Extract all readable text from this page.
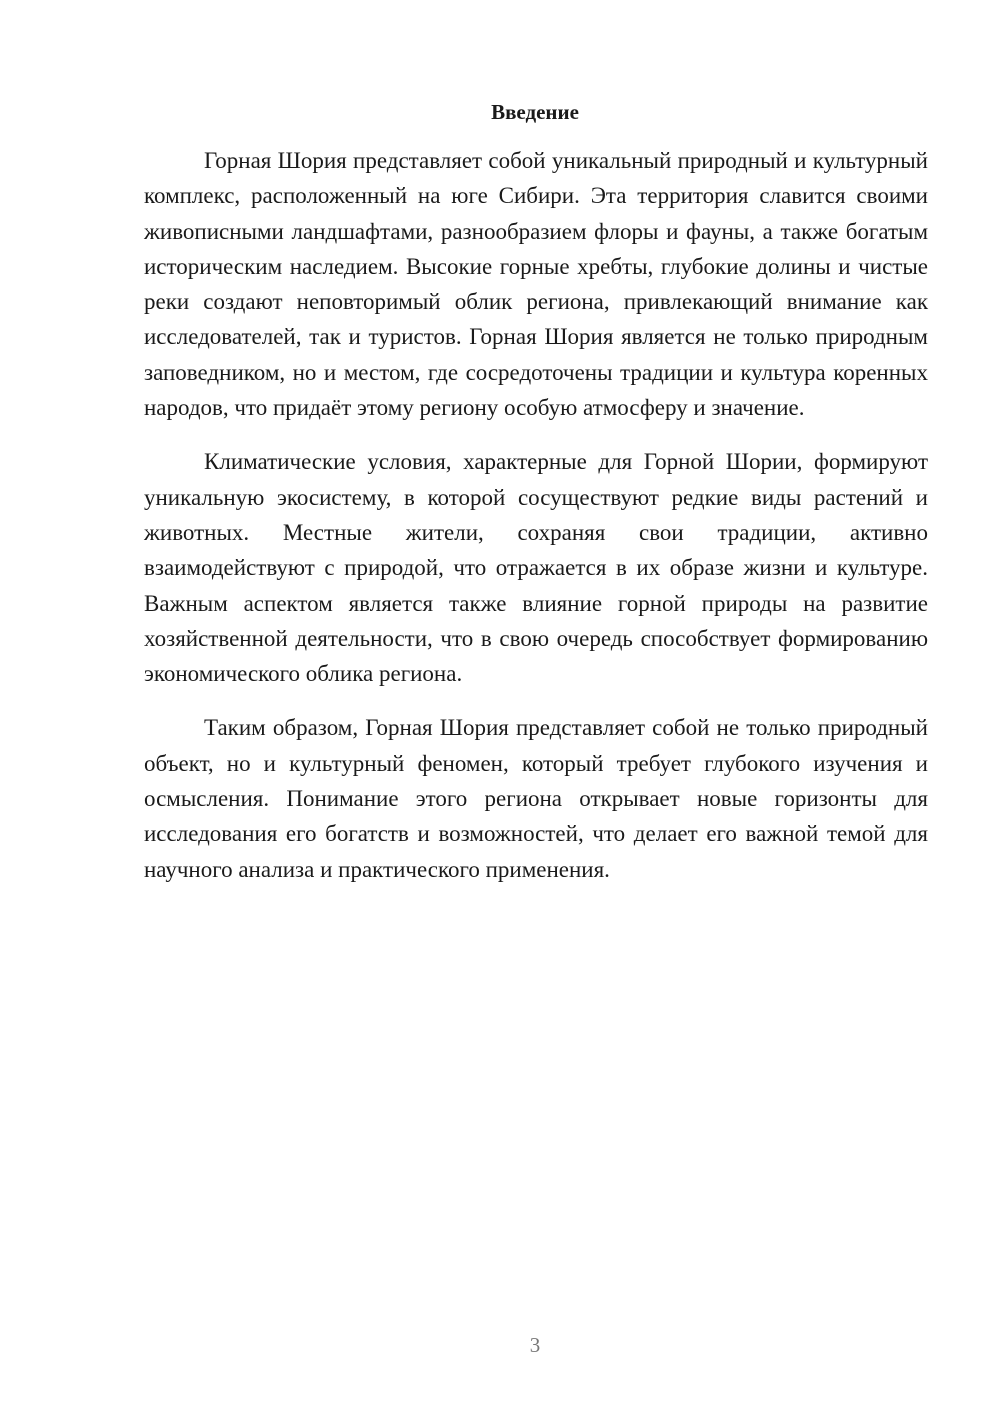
Введение

Горная Шория представляет собой уникальный природный и культурный комплекс, расположенный на юге Сибири. Эта территория славится своими живописными ландшафтами, разнообразием флоры и фауны, а также богатым историческим наследием. Высокие горные хребты, глубокие долины и чистые реки создают неповторимый облик региона, привлекающий внимание как исследователей, так и туристов. Горная Шория является не только природным заповедником, но и местом, где сосредоточены традиции и культура коренных народов, что придаёт этому региону особую атмосферу и значение.

Климатические условия, характерные для Горной Шории, формируют уникальную экосистему, в которой сосуществуют редкие виды растений и животных. Местные жители, сохраняя свои традиции, активно взаимодействуют с природой, что отражается в их образе жизни и культуре. Важным аспектом является также влияние горной природы на развитие хозяйственной деятельности, что в свою очередь способствует формированию экономического облика региона.

Таким образом, Горная Шория представляет собой не только природный объект, но и культурный феномен, который требует глубокого изучения и осмысления. Понимание этого региона открывает новые горизонты для исследования его богатств и возможностей, что делает его важной темой для научного анализа и практического применения.

3
